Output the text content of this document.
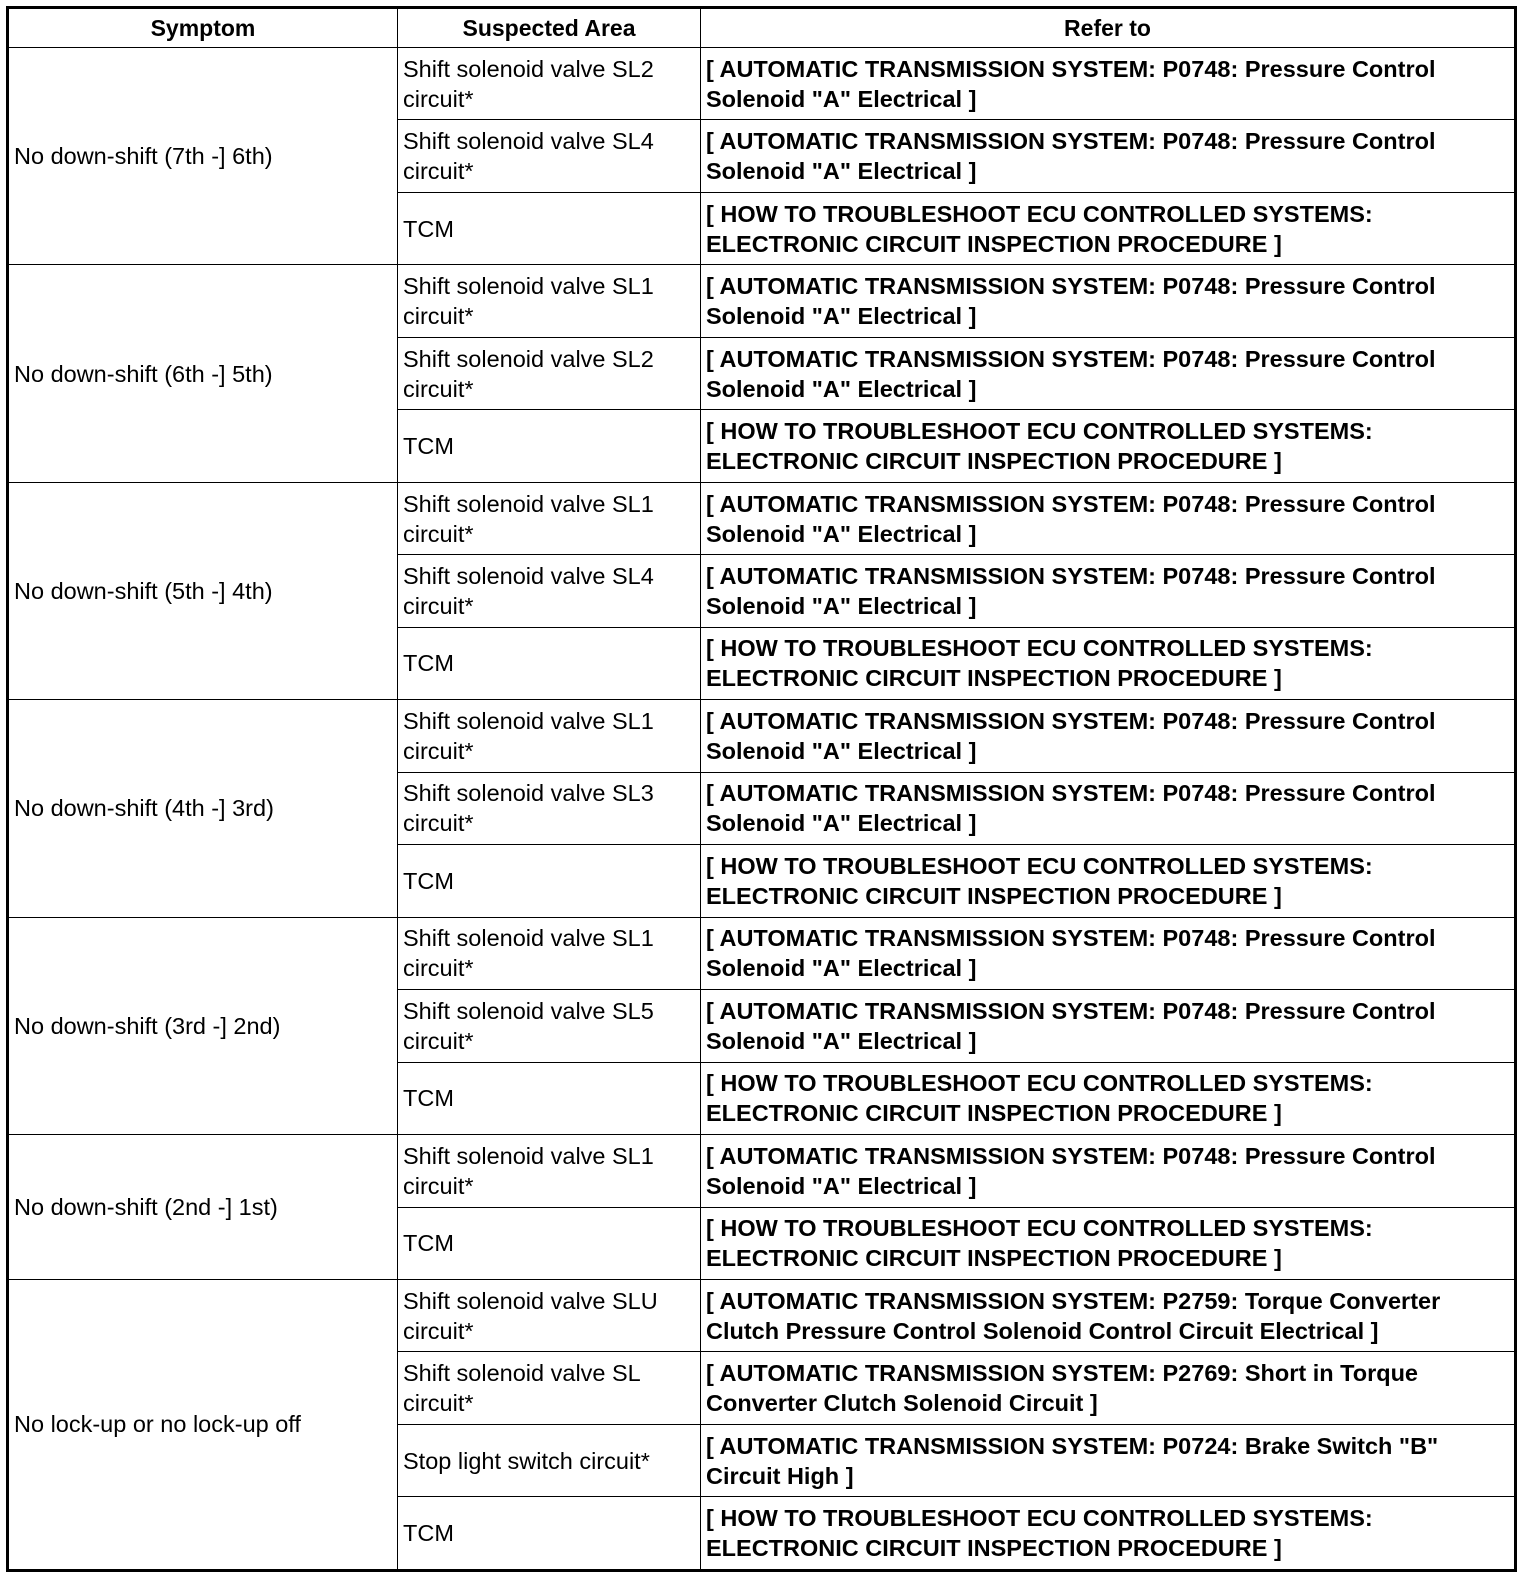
Symptom	Suspected Area	Refer to
No down-shift (7th -] 6th)	Shift solenoid valve SL2 circuit*	[ AUTOMATIC TRANSMISSION SYSTEM: P0748: Pressure Control Solenoid "A" Electrical ]
	Shift solenoid valve SL4 circuit*	[ AUTOMATIC TRANSMISSION SYSTEM: P0748: Pressure Control Solenoid "A" Electrical ]
	TCM	[ HOW TO TROUBLESHOOT ECU CONTROLLED SYSTEMS: ELECTRONIC CIRCUIT INSPECTION PROCEDURE ]
No down-shift (6th -] 5th)	Shift solenoid valve SL1 circuit*	[ AUTOMATIC TRANSMISSION SYSTEM: P0748: Pressure Control Solenoid "A" Electrical ]
	Shift solenoid valve SL2 circuit*	[ AUTOMATIC TRANSMISSION SYSTEM: P0748: Pressure Control Solenoid "A" Electrical ]
	TCM	[ HOW TO TROUBLESHOOT ECU CONTROLLED SYSTEMS: ELECTRONIC CIRCUIT INSPECTION PROCEDURE ]
No down-shift (5th -] 4th)	Shift solenoid valve SL1 circuit*	[ AUTOMATIC TRANSMISSION SYSTEM: P0748: Pressure Control Solenoid "A" Electrical ]
	Shift solenoid valve SL4 circuit*	[ AUTOMATIC TRANSMISSION SYSTEM: P0748: Pressure Control Solenoid "A" Electrical ]
	TCM	[ HOW TO TROUBLESHOOT ECU CONTROLLED SYSTEMS: ELECTRONIC CIRCUIT INSPECTION PROCEDURE ]
No down-shift (4th -] 3rd)	Shift solenoid valve SL1 circuit*	[ AUTOMATIC TRANSMISSION SYSTEM: P0748: Pressure Control Solenoid "A" Electrical ]
	Shift solenoid valve SL3 circuit*	[ AUTOMATIC TRANSMISSION SYSTEM: P0748: Pressure Control Solenoid "A" Electrical ]
	TCM	[ HOW TO TROUBLESHOOT ECU CONTROLLED SYSTEMS: ELECTRONIC CIRCUIT INSPECTION PROCEDURE ]
No down-shift (3rd -] 2nd)	Shift solenoid valve SL1 circuit*	[ AUTOMATIC TRANSMISSION SYSTEM: P0748: Pressure Control Solenoid "A" Electrical ]
	Shift solenoid valve SL5 circuit*	[ AUTOMATIC TRANSMISSION SYSTEM: P0748: Pressure Control Solenoid "A" Electrical ]
	TCM	[ HOW TO TROUBLESHOOT ECU CONTROLLED SYSTEMS: ELECTRONIC CIRCUIT INSPECTION PROCEDURE ]
No down-shift (2nd -] 1st)	Shift solenoid valve SL1 circuit*	[ AUTOMATIC TRANSMISSION SYSTEM: P0748: Pressure Control Solenoid "A" Electrical ]
	TCM	[ HOW TO TROUBLESHOOT ECU CONTROLLED SYSTEMS: ELECTRONIC CIRCUIT INSPECTION PROCEDURE ]
No lock-up or no lock-up off	Shift solenoid valve SLU circuit*	[ AUTOMATIC TRANSMISSION SYSTEM: P2759: Torque Converter Clutch Pressure Control Solenoid Control Circuit Electrical ]
	Shift solenoid valve SL circuit*	[ AUTOMATIC TRANSMISSION SYSTEM: P2769: Short in Torque Converter Clutch Solenoid Circuit ]
	Stop light switch circuit*	[ AUTOMATIC TRANSMISSION SYSTEM: P0724: Brake Switch "B" Circuit High ]
	TCM	[ HOW TO TROUBLESHOOT ECU CONTROLLED SYSTEMS: ELECTRONIC CIRCUIT INSPECTION PROCEDURE ]
